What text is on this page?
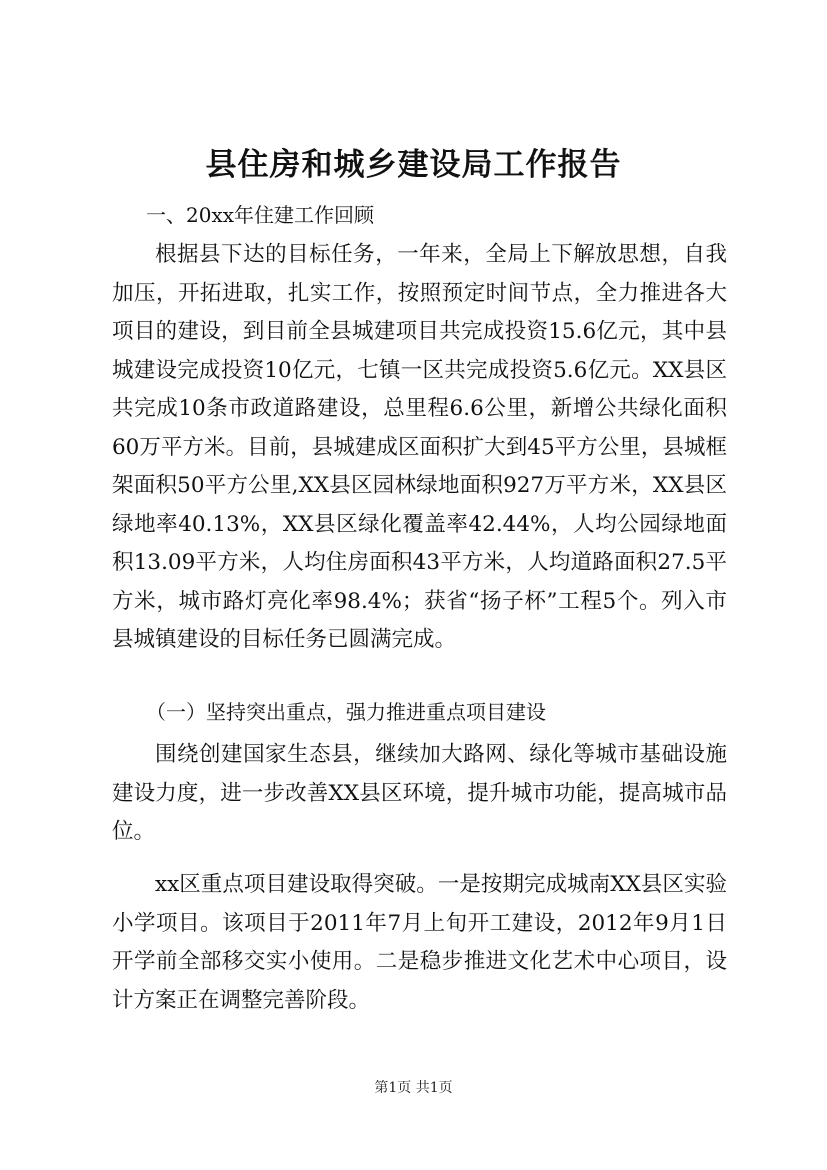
县住房和城乡建设局工作报告
一、20xx年住建工作回顾
根据县下达的目标任务，一年来，全局上下解放思想，自我加压，开拓进取，扎实工作，按照预定时间节点，全力推进各大项目的建设，到目前全县城建项目共完成投资15.6亿元，其中县城建设完成投资10亿元，七镇一区共完成投资5.6亿元。XX县区共完成10条市政道路建设，总里程6.6公里，新增公共绿化面积60万平方米。目前，县城建成区面积扩大到45平方公里，县城框架面积50平方公里,XX县区园林绿地面积927万平方米，XX县区绿地率40.13%，XX县区绿化覆盖率42.44%，人均公园绿地面积13.09平方米，人均住房面积43平方米，人均道路面积27.5平方米，城市路灯亮化率98.4%；获省“扬子杯”工程5个。列入市县城镇建设的目标任务已圆满完成。
（一）坚持突出重点，强力推进重点项目建设
围绕创建国家生态县，继续加大路网、绿化等城市基础设施建设力度，进一步改善XX县区环境，提升城市功能，提高城市品位。
xx区重点项目建设取得突破。一是按期完成城南XX县区实验小学项目。该项目于2011年7月上旬开工建设，2012年9月1日开学前全部移交实小使用。二是稳步推进文化艺术中心项目，设计方案正在调整完善阶段。
第1页 共1页
